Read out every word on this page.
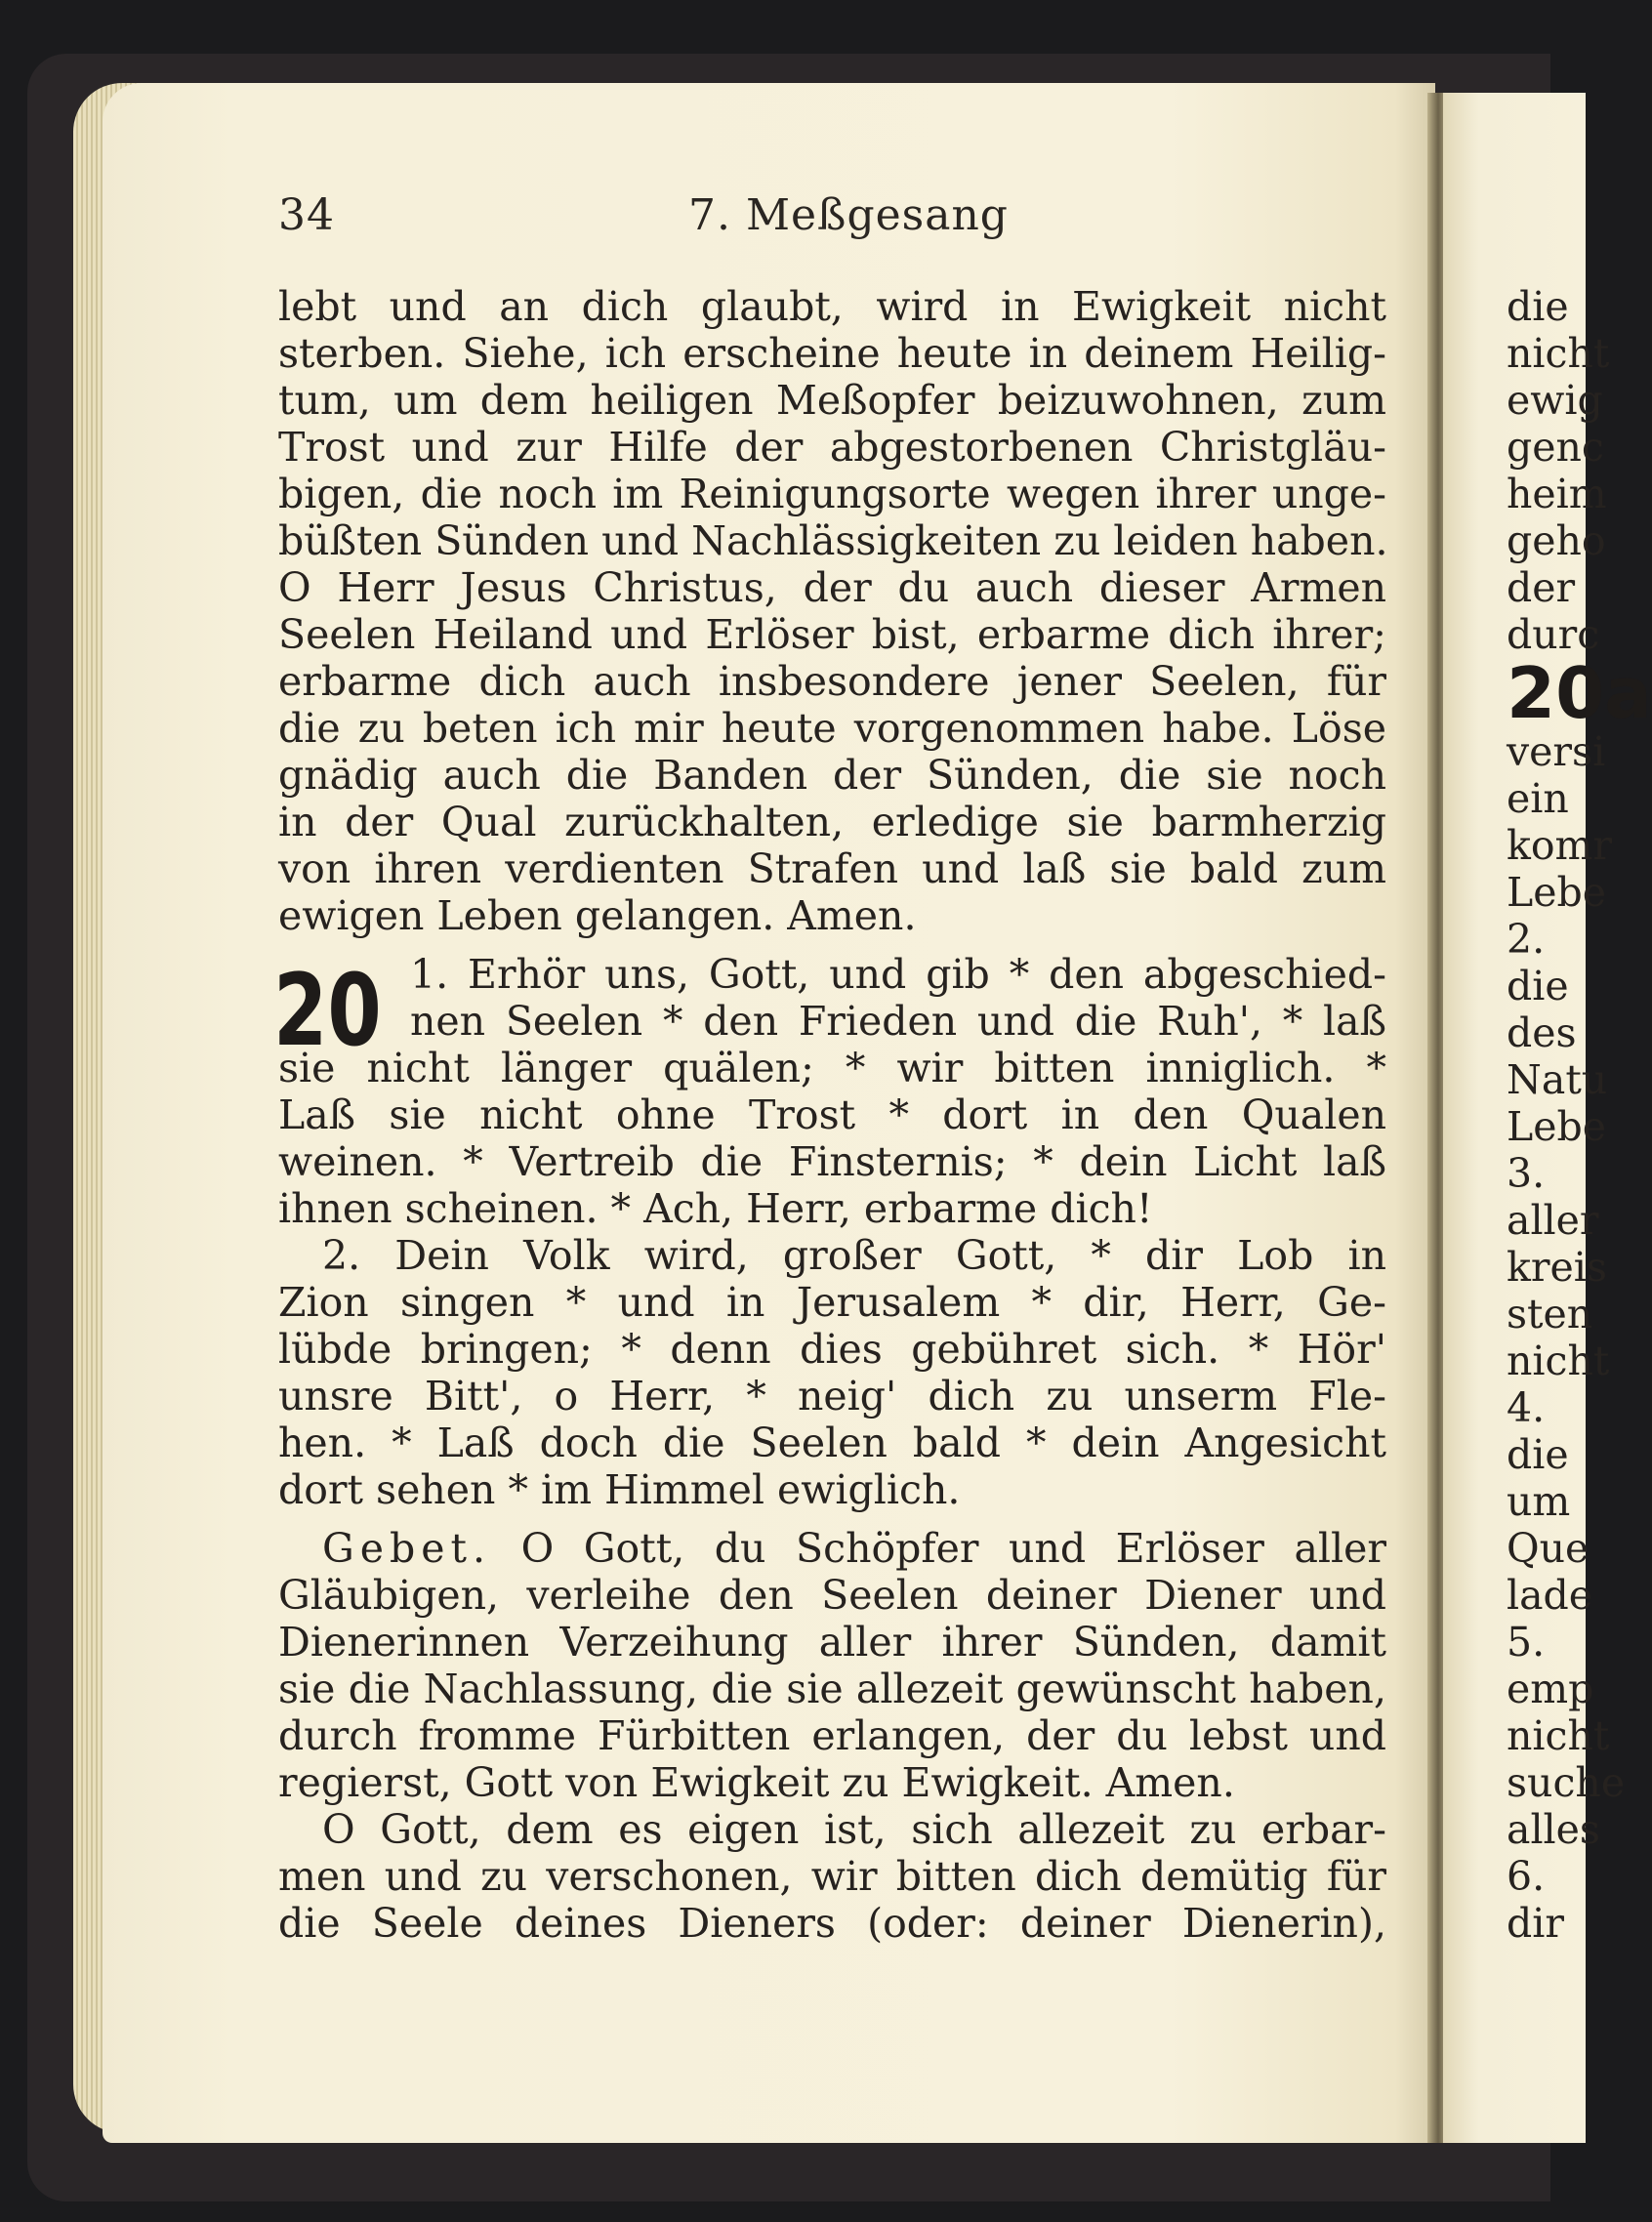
34	7. Meßgesang
lebt und an dich glaubt, wird in Ewigkeit nicht
sterben. Siehe, ich erscheine heute in deinem Heilig-
tum, um dem heiligen Meßopfer beizuwohnen, zum
Trost und zur Hilfe der abgestorbenen Christgläu-
bigen, die noch im Reinigungsorte wegen ihrer unge-
büßten Sünden und Nachlässigkeiten zu leiden haben.
O Herr Jesus Christus, der du auch dieser Armen
Seelen Heiland und Erlöser bist, erbarme dich ihrer;
erbarme dich auch insbesondere jener Seelen, für
die zu beten ich mir heute vorgenommen habe. Löse
gnädig auch die Banden der Sünden, die sie noch
in der Qual zurückhalten, erledige sie barmherzig
von ihren verdienten Strafen und laß sie bald zum
ewigen Leben gelangen. Amen.
1. Erhör uns, Gott, und gib * den abgeschied-
nen Seelen * den Frieden und die Ruh', * laß
sie nicht länger quälen; * wir bitten inniglich. *
Laß sie nicht ohne Trost * dort in den Qualen
weinen. * Vertreib die Finsternis; * dein Licht laß
ihnen scheinen. * Ach, Herr, erbarme dich!
2. Dein Volk wird, großer Gott, * dir Lob in
Zion singen * und in Jerusalem * dir, Herr, Ge-
lübde bringen; * denn dies gebühret sich. * Hör'
unsre Bitt', o Herr, * neig' dich zu unserm Fle-
hen. * Laß doch die Seelen bald * dein Angesicht
dort sehen * im Himmel ewiglich.
Gebet. O Gott, du Schöpfer und Erlöser aller
Gläubigen, verleihe den Seelen deiner Diener und
Dienerinnen Verzeihung aller ihrer Sünden, damit
sie die Nachlassung, die sie allezeit gewünscht haben,
durch fromme Fürbitten erlangen, der du lebst und
regierst, Gott von Ewigkeit zu Ewigkeit. Amen.
O Gott, dem es eigen ist, sich allezeit zu erbar-
men und zu verschonen, wir bitten dich demütig für
die Seele deines Dieners (oder: deiner Dienerin),
20
die
nicht
ewig
genc
heim
geho
der
durc
20a
versi
ein
komr
Lebe
2.
die
des
Natu
Lebe
3.
aller
kreis
sten
nicht
4.
die
um
Que
lade
5.
emp
nicht
suche
alles
6.
dir
